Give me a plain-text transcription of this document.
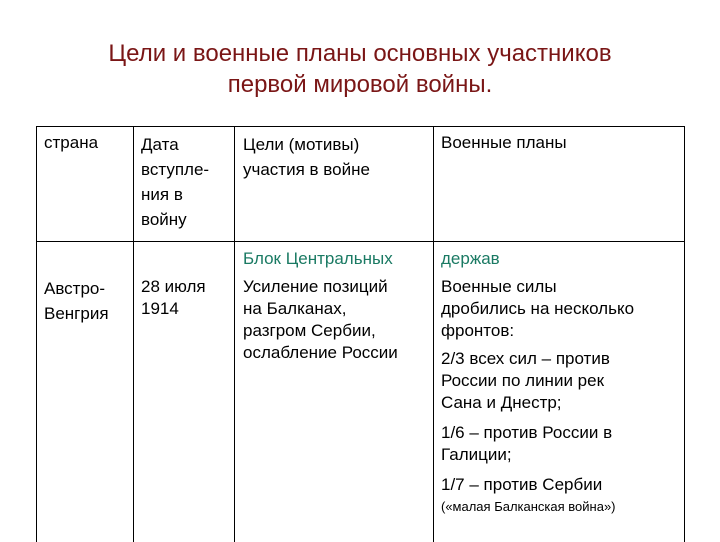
Цели и военные планы основных участников
первой мировой войны.
страна	Дата
вступле-
ния в
войну
Цели (мотивы)
участия в войне
Военные планы
Блок Центральных	держав
Австро-
Венгрия
28 июля
1914
Усиление позиций
на Балканах,
разгром Сербии,
ослабление России
Военные силы
дробились на несколько
фронтов:
2/3 всех сил – против
России по линии рек
Сана и Днестр;
1/6 – против России в
Галиции;
1/7 – против Сербии
(«малая Балканская война»)
